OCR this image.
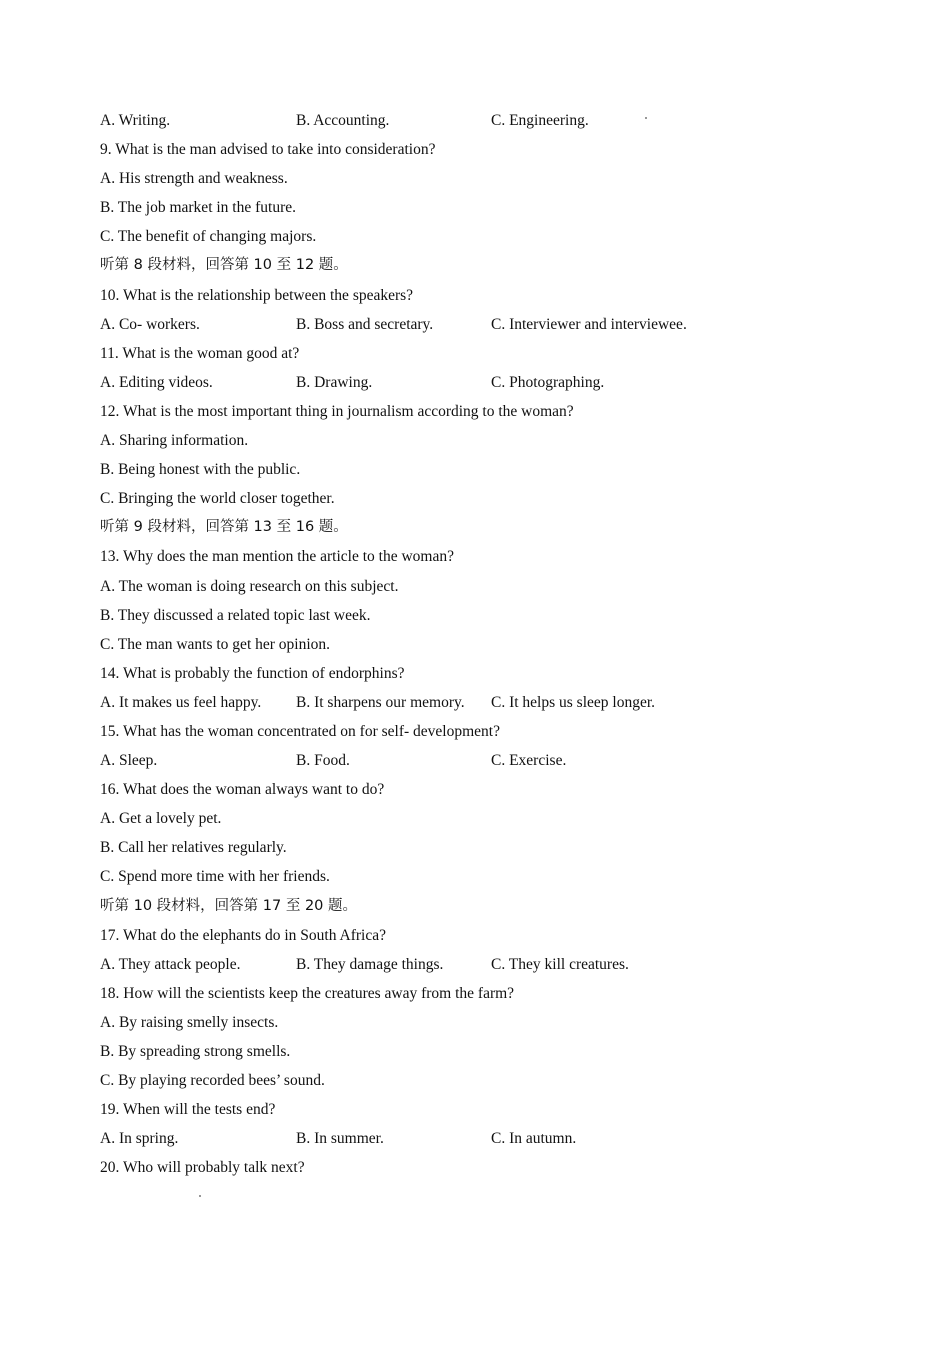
A. Writing.	B. Accounting.	C. Engineering.
9. What is the man advised to take into consideration?
A. His strength and weakness.
B. The job market in the future.
C. The benefit of changing majors.
听第 8 段材料，回答第 10 至 12 题。
10. What is the relationship between the speakers?
A. Co- workers.	B. Boss and secretary.	C. Interviewer and interviewee.
11. What is the woman good at?
A. Editing videos.	B. Drawing.	C. Photographing.
12. What is the most important thing in journalism according to the woman?
A. Sharing information.
B. Being honest with the public.
C. Bringing the world closer together.
听第 9 段材料，回答第 13 至 16 题。
13. Why does the man mention the article to the woman?
A. The woman is doing research on this subject.
B. They discussed a related topic last week.
C. The man wants to get her opinion.
14. What is probably the function of endorphins?
A. It makes us feel happy.	B. It sharpens our memory.	C. It helps us sleep longer.
15. What has the woman concentrated on for self- development?
A. Sleep.	B. Food.	C. Exercise.
16. What does the woman always want to do?
A. Get a lovely pet.
B. Call her relatives regularly.
C. Spend more time with her friends.
听第 10 段材料，回答第 17 至 20 题。
17. What do the elephants do in South Africa?
A. They attack people.	B. They damage things.	C. They kill creatures.
18. How will the scientists keep the creatures away from the farm?
A. By raising smelly insects.
B. By spreading strong smells.
C. By playing recorded bees’ sound.
19. When will the tests end?
A. In spring.	B. In summer.	C. In autumn.
20. Who will probably talk next?
